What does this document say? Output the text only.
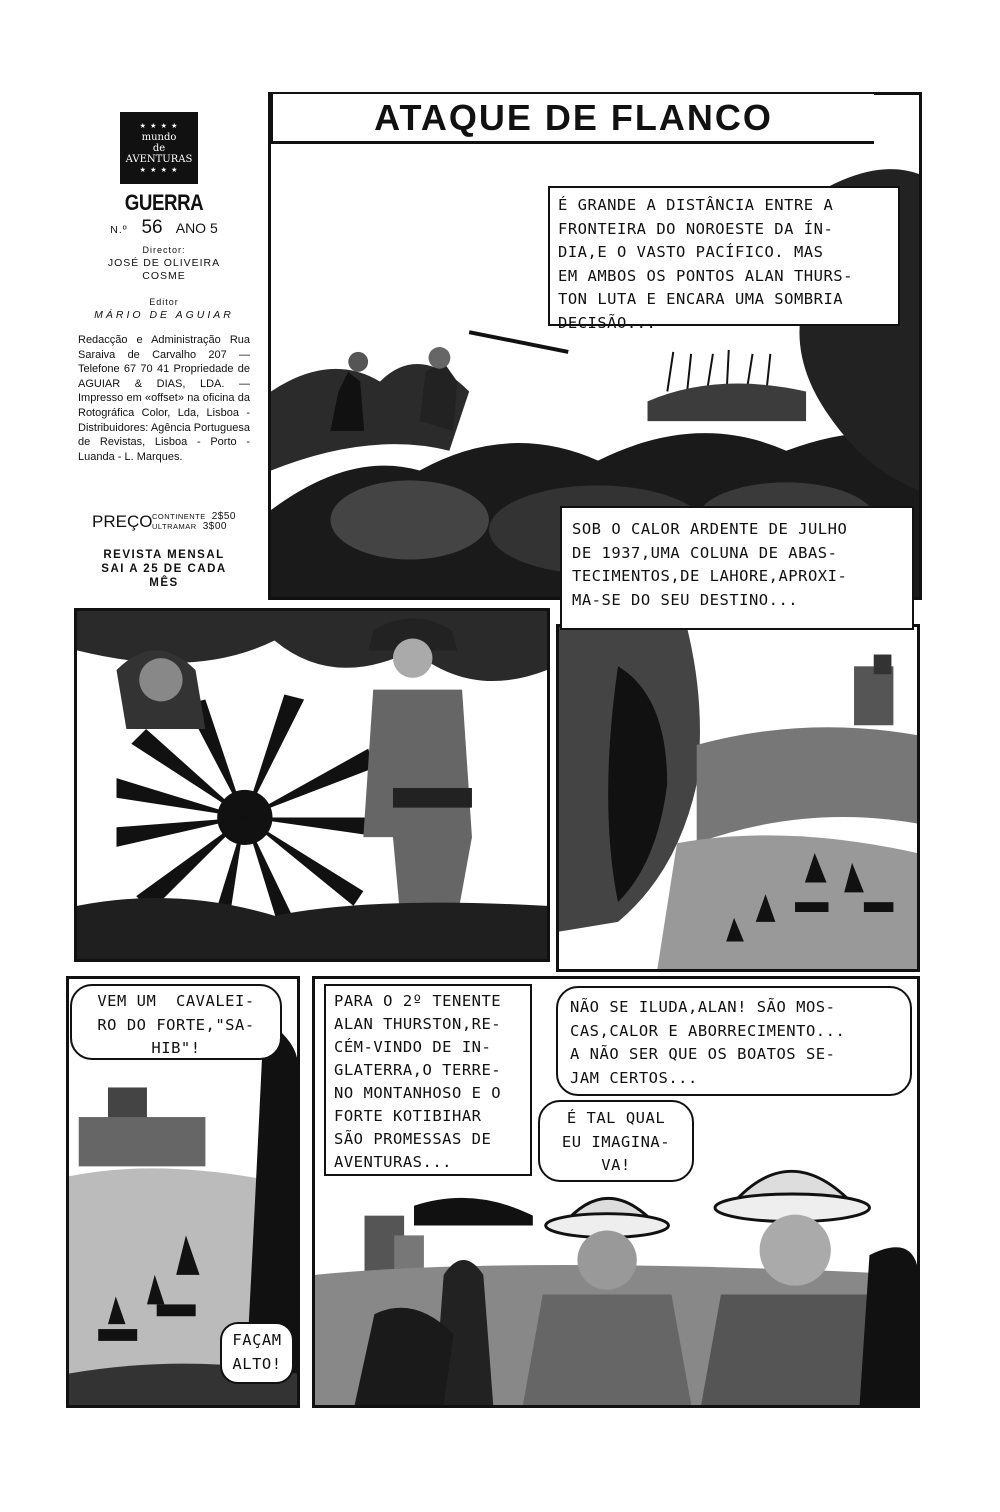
★ ★ ★ ★
mundo
de
AVENTURAS
★ ★ ★ ★
GUERRA
N.º 56 ANO 5
Director:
JOSÉ DE OLIVEIRA
COSME
Editor
MÁRIO DE AGUIAR
Redacção e Administração Rua Saraiva de Carvalho 207 — Telefone 67 70 41 Propriedade de AGUIAR & DIAS, LDA. — Impresso em «offset» na oficina da Rotográfica Color, Lda, Lisboa - Distribuidores: Agência Portuguesa de Revistas, Lisboa - Porto - Luanda - L. Marques.
PREÇO CONTINENTE 2$50
ULTRAMAR 3$00
REVISTA MENSAL
SAI A 25 DE CADA
MÊS
ATAQUE DE FLANCO
É GRANDE A DISTÂNCIA ENTRE A
FRONTEIRA DO NOROESTE DA ÍN-
DIA,E O VASTO PACÍFICO. MAS
EM AMBOS OS PONTOS ALAN THURS-
TON LUTA E ENCARA UMA SOMBRIA
DECISÃO...
SOB O CALOR ARDENTE DE JULHO
DE 1937,UMA COLUNA DE ABAS-
TECIMENTOS,DE LAHORE,APROXI-
MA-SE DO SEU DESTINO...
VEM UM  CAVALEI-
RO DO FORTE,"SA-
HIB"!
FAÇAM
ALTO!
PARA O 2º TENENTE
ALAN THURSTON,RE-
CÉM-VINDO DE IN-
GLATERRA,O TERRE-
NO MONTANHOSO E O
FORTE KOTIBIHAR
SÃO PROMESSAS DE
AVENTURAS...
NÃO SE ILUDA,ALAN! SÃO MOS-
CAS,CALOR E ABORRECIMENTO...
A NÃO SER QUE OS BOATOS SE-
JAM CERTOS...
É TAL QUAL
EU IMAGINA-
VA!
